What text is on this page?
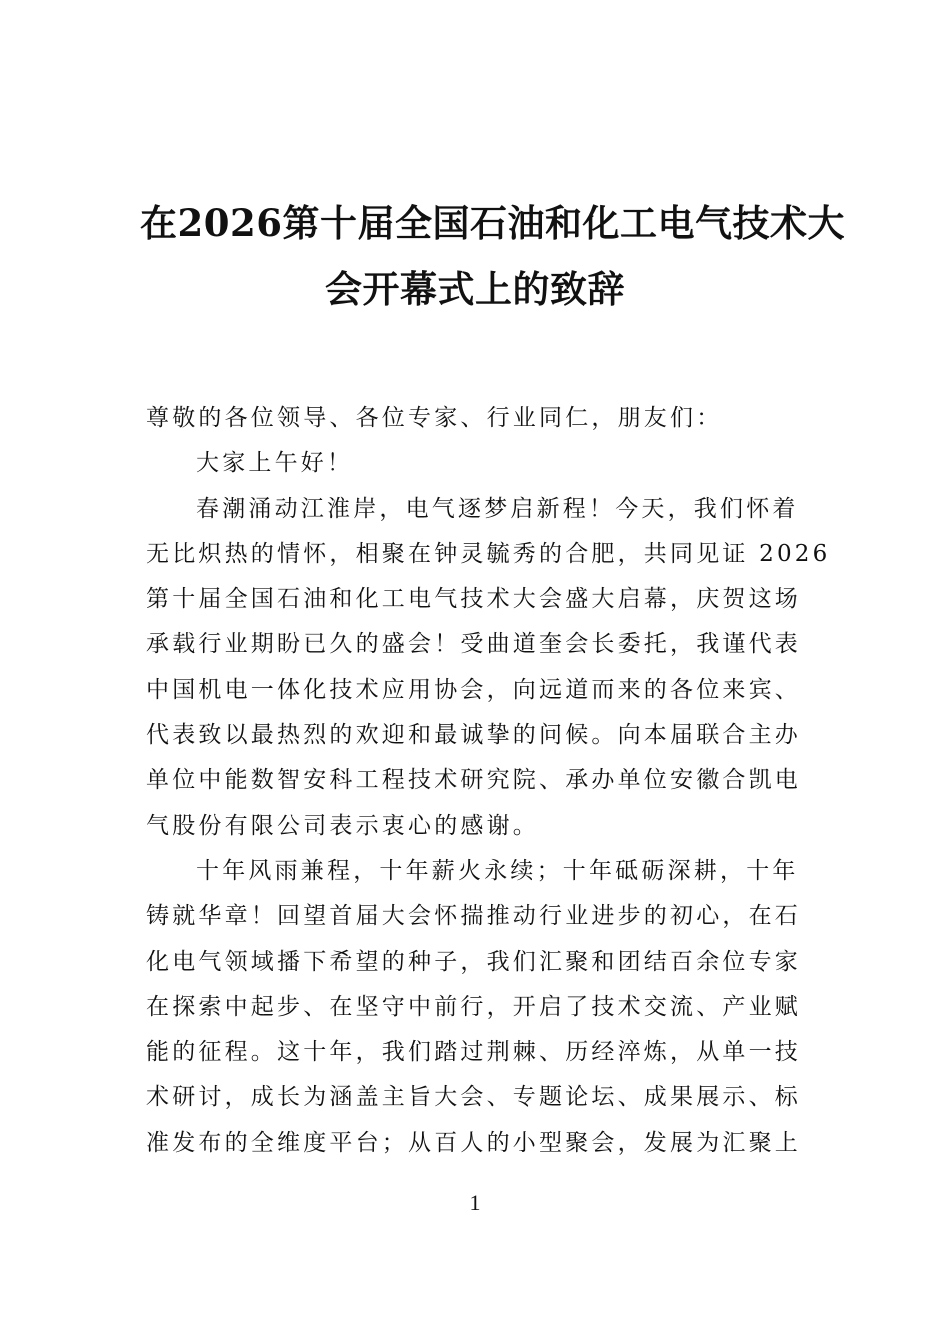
在2026第十届全国石油和化工电气技术大
会开幕式上的致辞
尊敬的各位领导、各位专家、行业同仁，朋友们：
大家上午好！
春潮涌动江淮岸，电气逐梦启新程！今天，我们怀着
无比炽热的情怀，相聚在钟灵毓秀的合肥，共同见证 2026
第十届全国石油和化工电气技术大会盛大启幕，庆贺这场
承载行业期盼已久的盛会！受曲道奎会长委托，我谨代表
中国机电一体化技术应用协会，向远道而来的各位来宾、
代表致以最热烈的欢迎和最诚挚的问候。向本届联合主办
单位中能数智安科工程技术研究院、承办单位安徽合凯电
气股份有限公司表示衷心的感谢。
十年风雨兼程，十年薪火永续；十年砥砺深耕，十年
铸就华章！回望首届大会怀揣推动行业进步的初心，在石
化电气领域播下希望的种子，我们汇聚和团结百余位专家
在探索中起步、在坚守中前行，开启了技术交流、产业赋
能的征程。这十年，我们踏过荆棘、历经淬炼，从单一技
术研讨，成长为涵盖主旨大会、专题论坛、成果展示、标
准发布的全维度平台；从百人的小型聚会，发展为汇聚上
1
